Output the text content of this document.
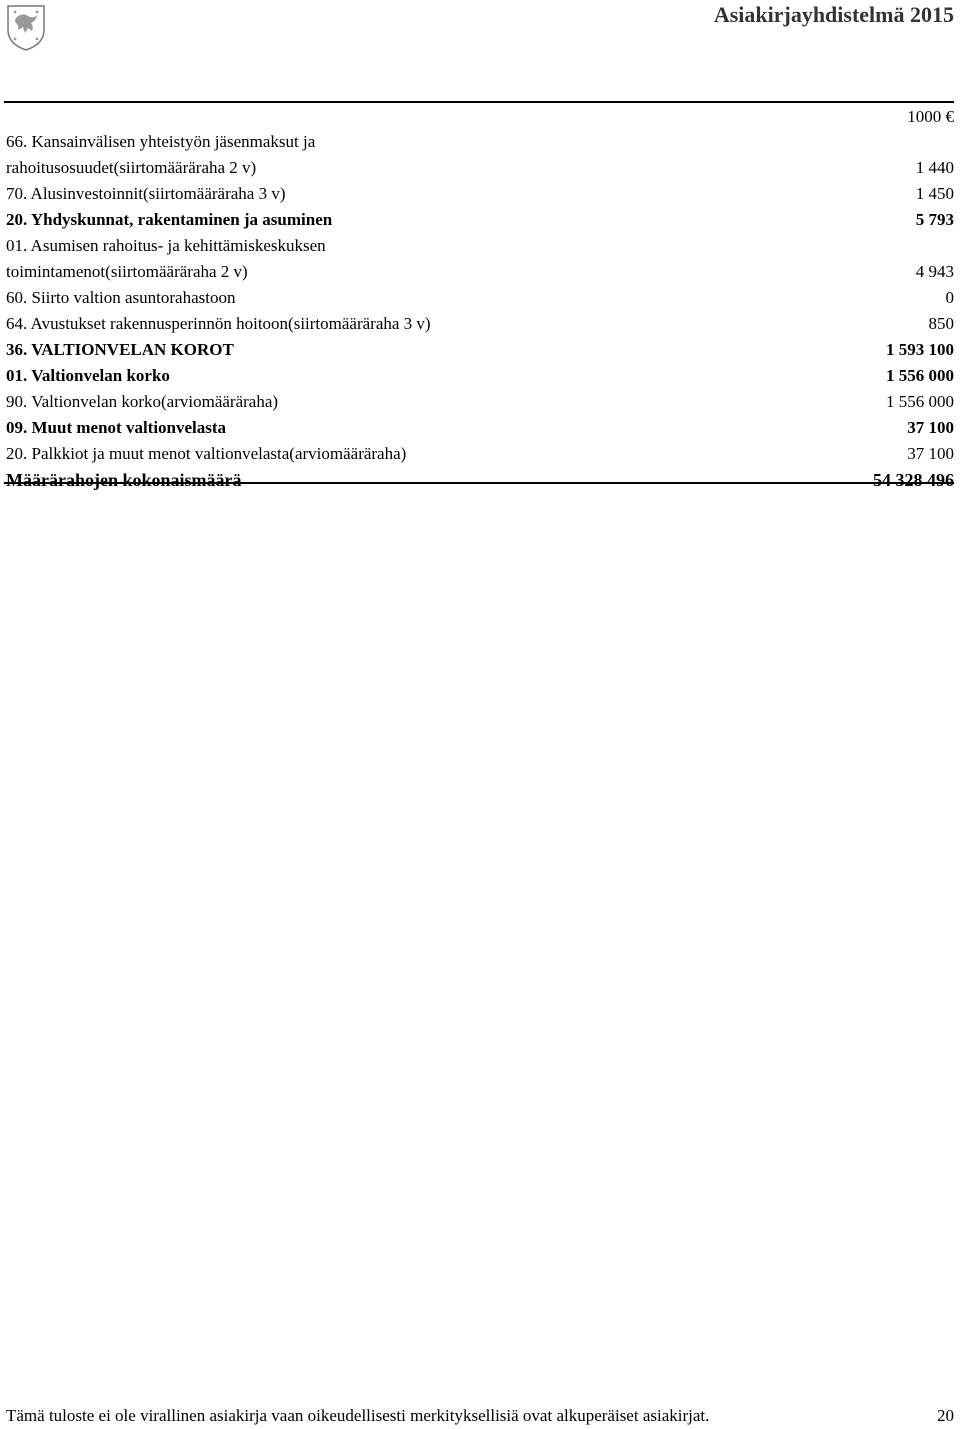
Asiakirjayhdistelmä 2015
1000 €
66. Kansainvälisen yhteistyön jäsenmaksut ja rahoitusosuudet(siirtomääräraha 2 v)	1 440
70. Alusinvestoinnit(siirtomääräraha 3 v)	1 450
20. Yhdyskunnat, rakentaminen ja asuminen	5 793
01. Asumisen rahoitus- ja kehittämiskeskuksen toimintamenot(siirtomääräraha 2 v)	4 943
60. Siirto valtion asuntorahastoon	0
64. Avustukset rakennusperinnön hoitoon(siirtomääräraha 3 v)	850
36. VALTIONVELAN KOROT	1 593 100
01. Valtionvelan korko	1 556 000
90. Valtionvelan korko(arviomääräraha)	1 556 000
09. Muut menot valtionvelasta	37 100
20. Palkkiot ja muut menot valtionvelasta(arviomääräraha)	37 100
Määrärahojen kokonaismäärä	54 328 496
Tämä tuloste ei ole virallinen asiakirja vaan oikeudellisesti merkityksellisiä ovat alkuperäiset asiakirjat.	20
